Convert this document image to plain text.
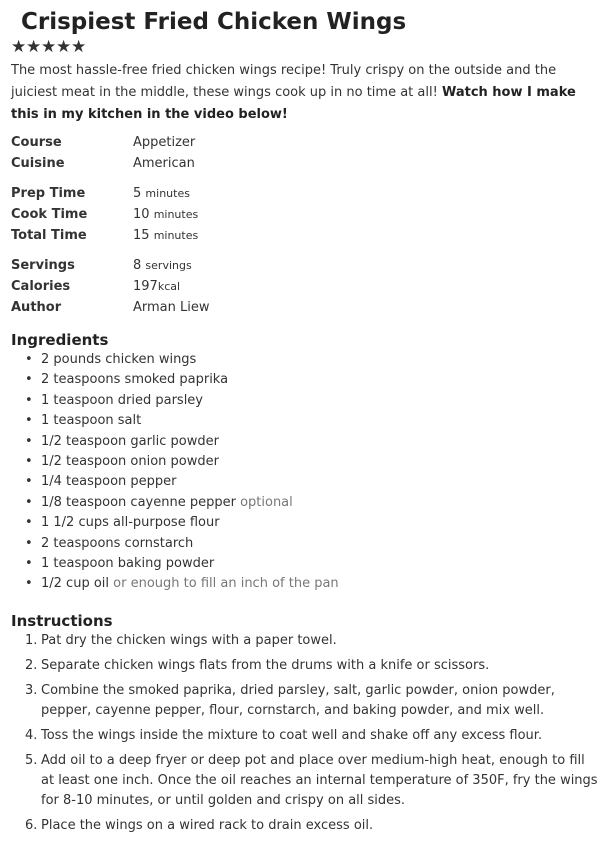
Crispiest Fried Chicken Wings
★ ★ ★ ★ ★
The most hassle-free fried chicken wings recipe! Truly crispy on the outside and the juiciest meat in the middle, these wings cook up in no time at all! Watch how I make this in my kitchen in the video below!
Course	Appetizer
Cuisine	American
Prep Time	5 minutes
Cook Time	10 minutes
Total Time	15 minutes
Servings	8 servings
Calories	197kcal
Author	Arman Liew
Ingredients
• 2 pounds chicken wings
• 2 teaspoons smoked paprika
• 1 teaspoon dried parsley
• 1 teaspoon salt
• 1/2 teaspoon garlic powder
• 1/2 teaspoon onion powder
• 1/4 teaspoon pepper
• 1/8 teaspoon cayenne pepper
optional
• 1 1/2 cups all-purpose flour
• 2 teaspoons cornstarch
• 1 teaspoon baking powder
• 1/2 cup oil
or enough to fill an inch of the pan
Instructions
1. Pat dry the chicken wings with a paper towel.
2. Separate chicken wings flats from the drums with a knife or scissors.
3. Combine the smoked paprika, dried parsley, salt, garlic powder, onion powder, pepper, cayenne pepper, flour, cornstarch, and baking powder, and mix well.
4. Toss the wings inside the mixture to coat well and shake off any excess flour.
5. Add oil to a deep fryer or deep pot and place over medium-high heat, enough to fill at least one inch. Once the oil reaches an internal temperature of 350F, fry the wings for 8-10 minutes, or until golden and crispy on all sides.
6. Place the wings on a wired rack to drain excess oil.
